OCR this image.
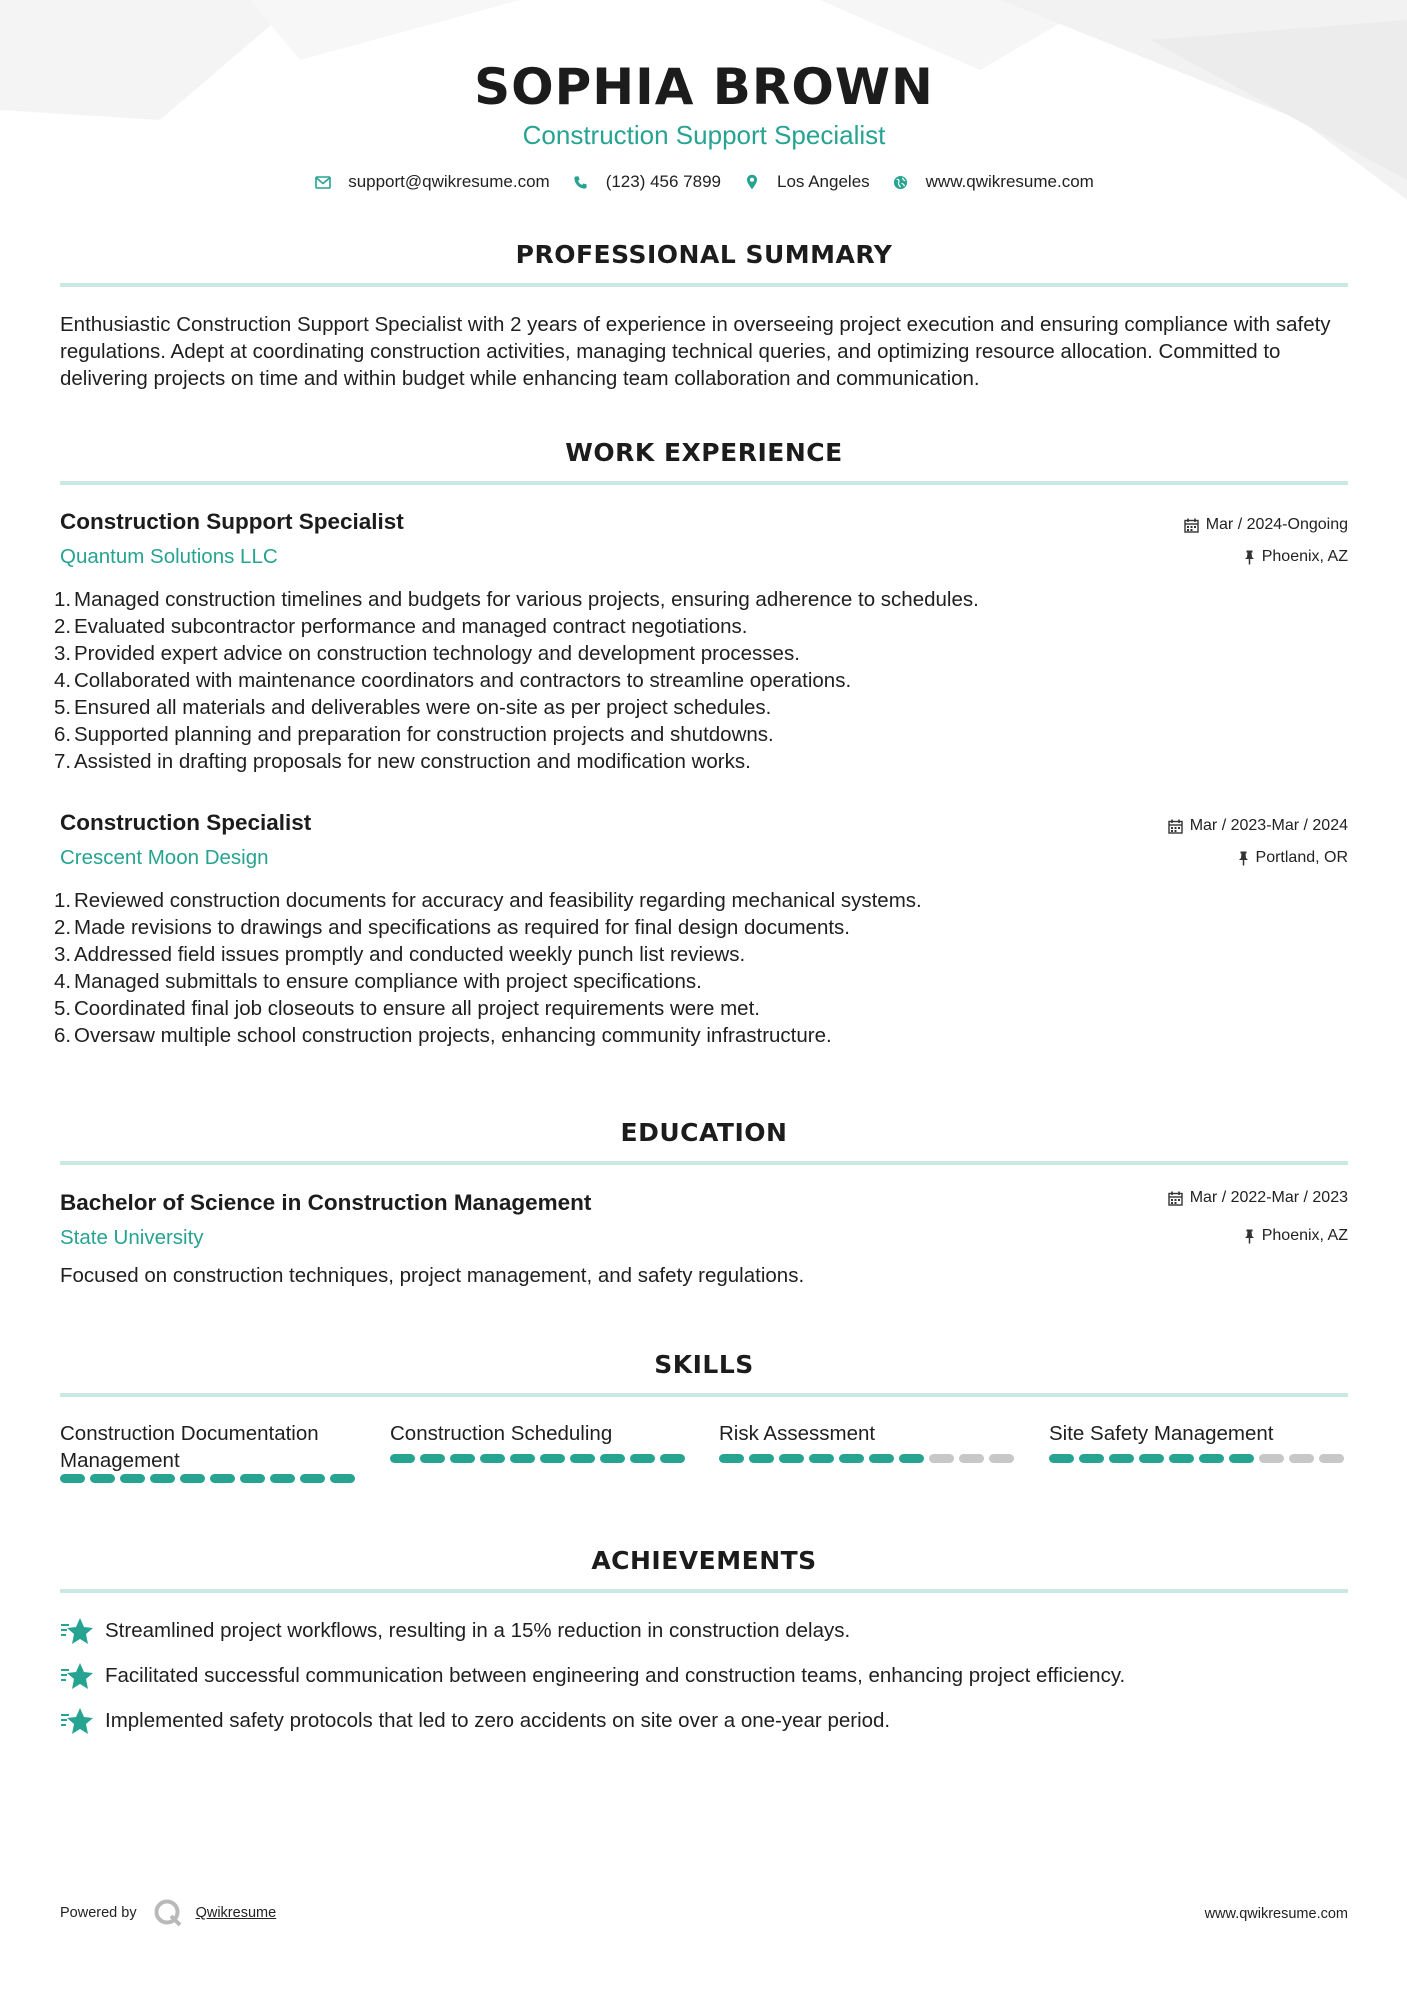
SOPHIA BROWN
Construction Support Specialist
support@qwikresume.com	(123) 456 7899	Los Angeles	www.qwikresume.com
PROFESSIONAL SUMMARY
Enthusiastic Construction Support Specialist with 2 years of experience in overseeing project execution and ensuring compliance with safety regulations. Adept at coordinating construction activities, managing technical queries, and optimizing resource allocation. Committed to delivering projects on time and within budget while enhancing team collaboration and communication.
WORK EXPERIENCE
Construction Support Specialist	Mar / 2024-Ongoing
Quantum Solutions LLC	Phoenix, AZ
1. Managed construction timelines and budgets for various projects, ensuring adherence to schedules.
2. Evaluated subcontractor performance and managed contract negotiations.
3. Provided expert advice on construction technology and development processes.
4. Collaborated with maintenance coordinators and contractors to streamline operations.
5. Ensured all materials and deliverables were on-site as per project schedules.
6. Supported planning and preparation for construction projects and shutdowns.
7. Assisted in drafting proposals for new construction and modification works.
Construction Specialist	Mar / 2023-Mar / 2024
Crescent Moon Design	Portland, OR
1. Reviewed construction documents for accuracy and feasibility regarding mechanical systems.
2. Made revisions to drawings and specifications as required for final design documents.
3. Addressed field issues promptly and conducted weekly punch list reviews.
4. Managed submittals to ensure compliance with project specifications.
5. Coordinated final job closeouts to ensure all project requirements were met.
6. Oversaw multiple school construction projects, enhancing community infrastructure.
EDUCATION
Bachelor of Science in Construction Management	Mar / 2022-Mar / 2023
State University	Phoenix, AZ
Focused on construction techniques, project management, and safety regulations.
SKILLS
Construction Documentation Management
Construction Scheduling	Risk Assessment	Site Safety Management
ACHIEVEMENTS
Streamlined project workflows, resulting in a 15% reduction in construction delays.
Facilitated successful communication between engineering and construction teams, enhancing project efficiency.
Implemented safety protocols that led to zero accidents on site over a one-year period.
Powered by	Qwikresume	www.qwikresume.com
